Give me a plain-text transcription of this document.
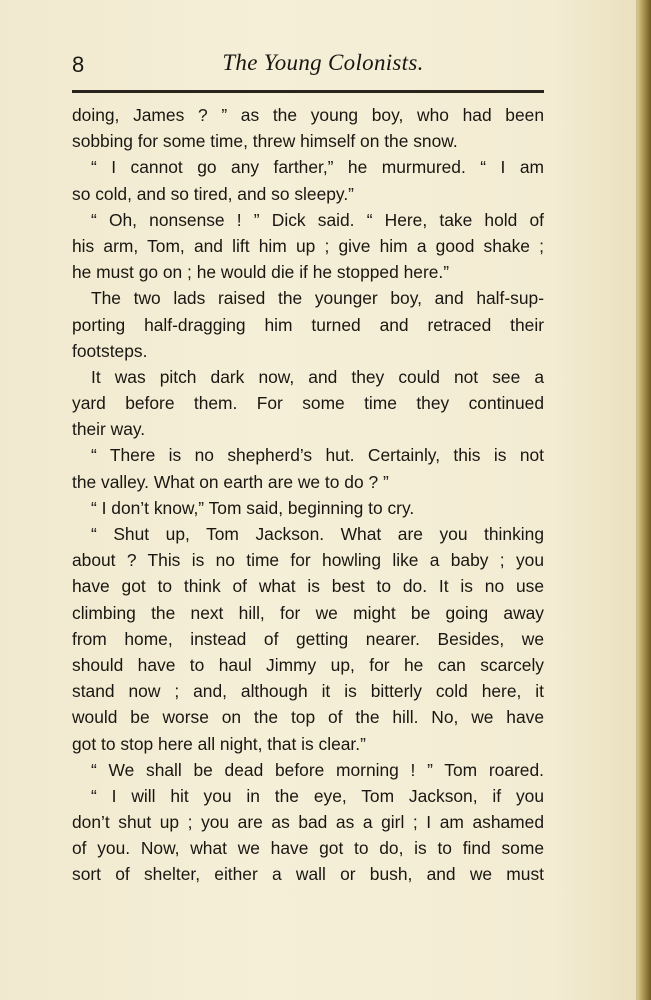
8	The Young Colonists.
doing, James ? ” as the young boy, who had been
sobbing for some time, threw himself on the snow.
“ I cannot go any farther,” he murmured. “ I am
so cold, and so tired, and so sleepy.”
“ Oh, nonsense ! ” Dick said. “ Here, take hold of
his arm, Tom, and lift him up ; give him a good shake ;
he must go on ; he would die if he stopped here.”
The two lads raised the younger boy, and half-sup-
porting half-dragging him turned and retraced their
footsteps.
It was pitch dark now, and they could not see a
yard before them. For some time they continued
their way.
“ There is no shepherd’s hut. Certainly, this is not
the valley. What on earth are we to do ? ”
“ I don’t know,” Tom said, beginning to cry.
“ Shut up, Tom Jackson. What are you thinking
about ? This is no time for howling like a baby ; you
have got to think of what is best to do. It is no use
climbing the next hill, for we might be going away
from home, instead of getting nearer. Besides, we
should have to haul Jimmy up, for he can scarcely
stand now ; and, although it is bitterly cold here, it
would be worse on the top of the hill. No, we have
got to stop here all night, that is clear.”
“ We shall be dead before morning ! ” Tom roared.
“ I will hit you in the eye, Tom Jackson, if you
don’t shut up ; you are as bad as a girl ; I am ashamed
of you. Now, what we have got to do, is to find some
sort of shelter, either a wall or bush, and we must
